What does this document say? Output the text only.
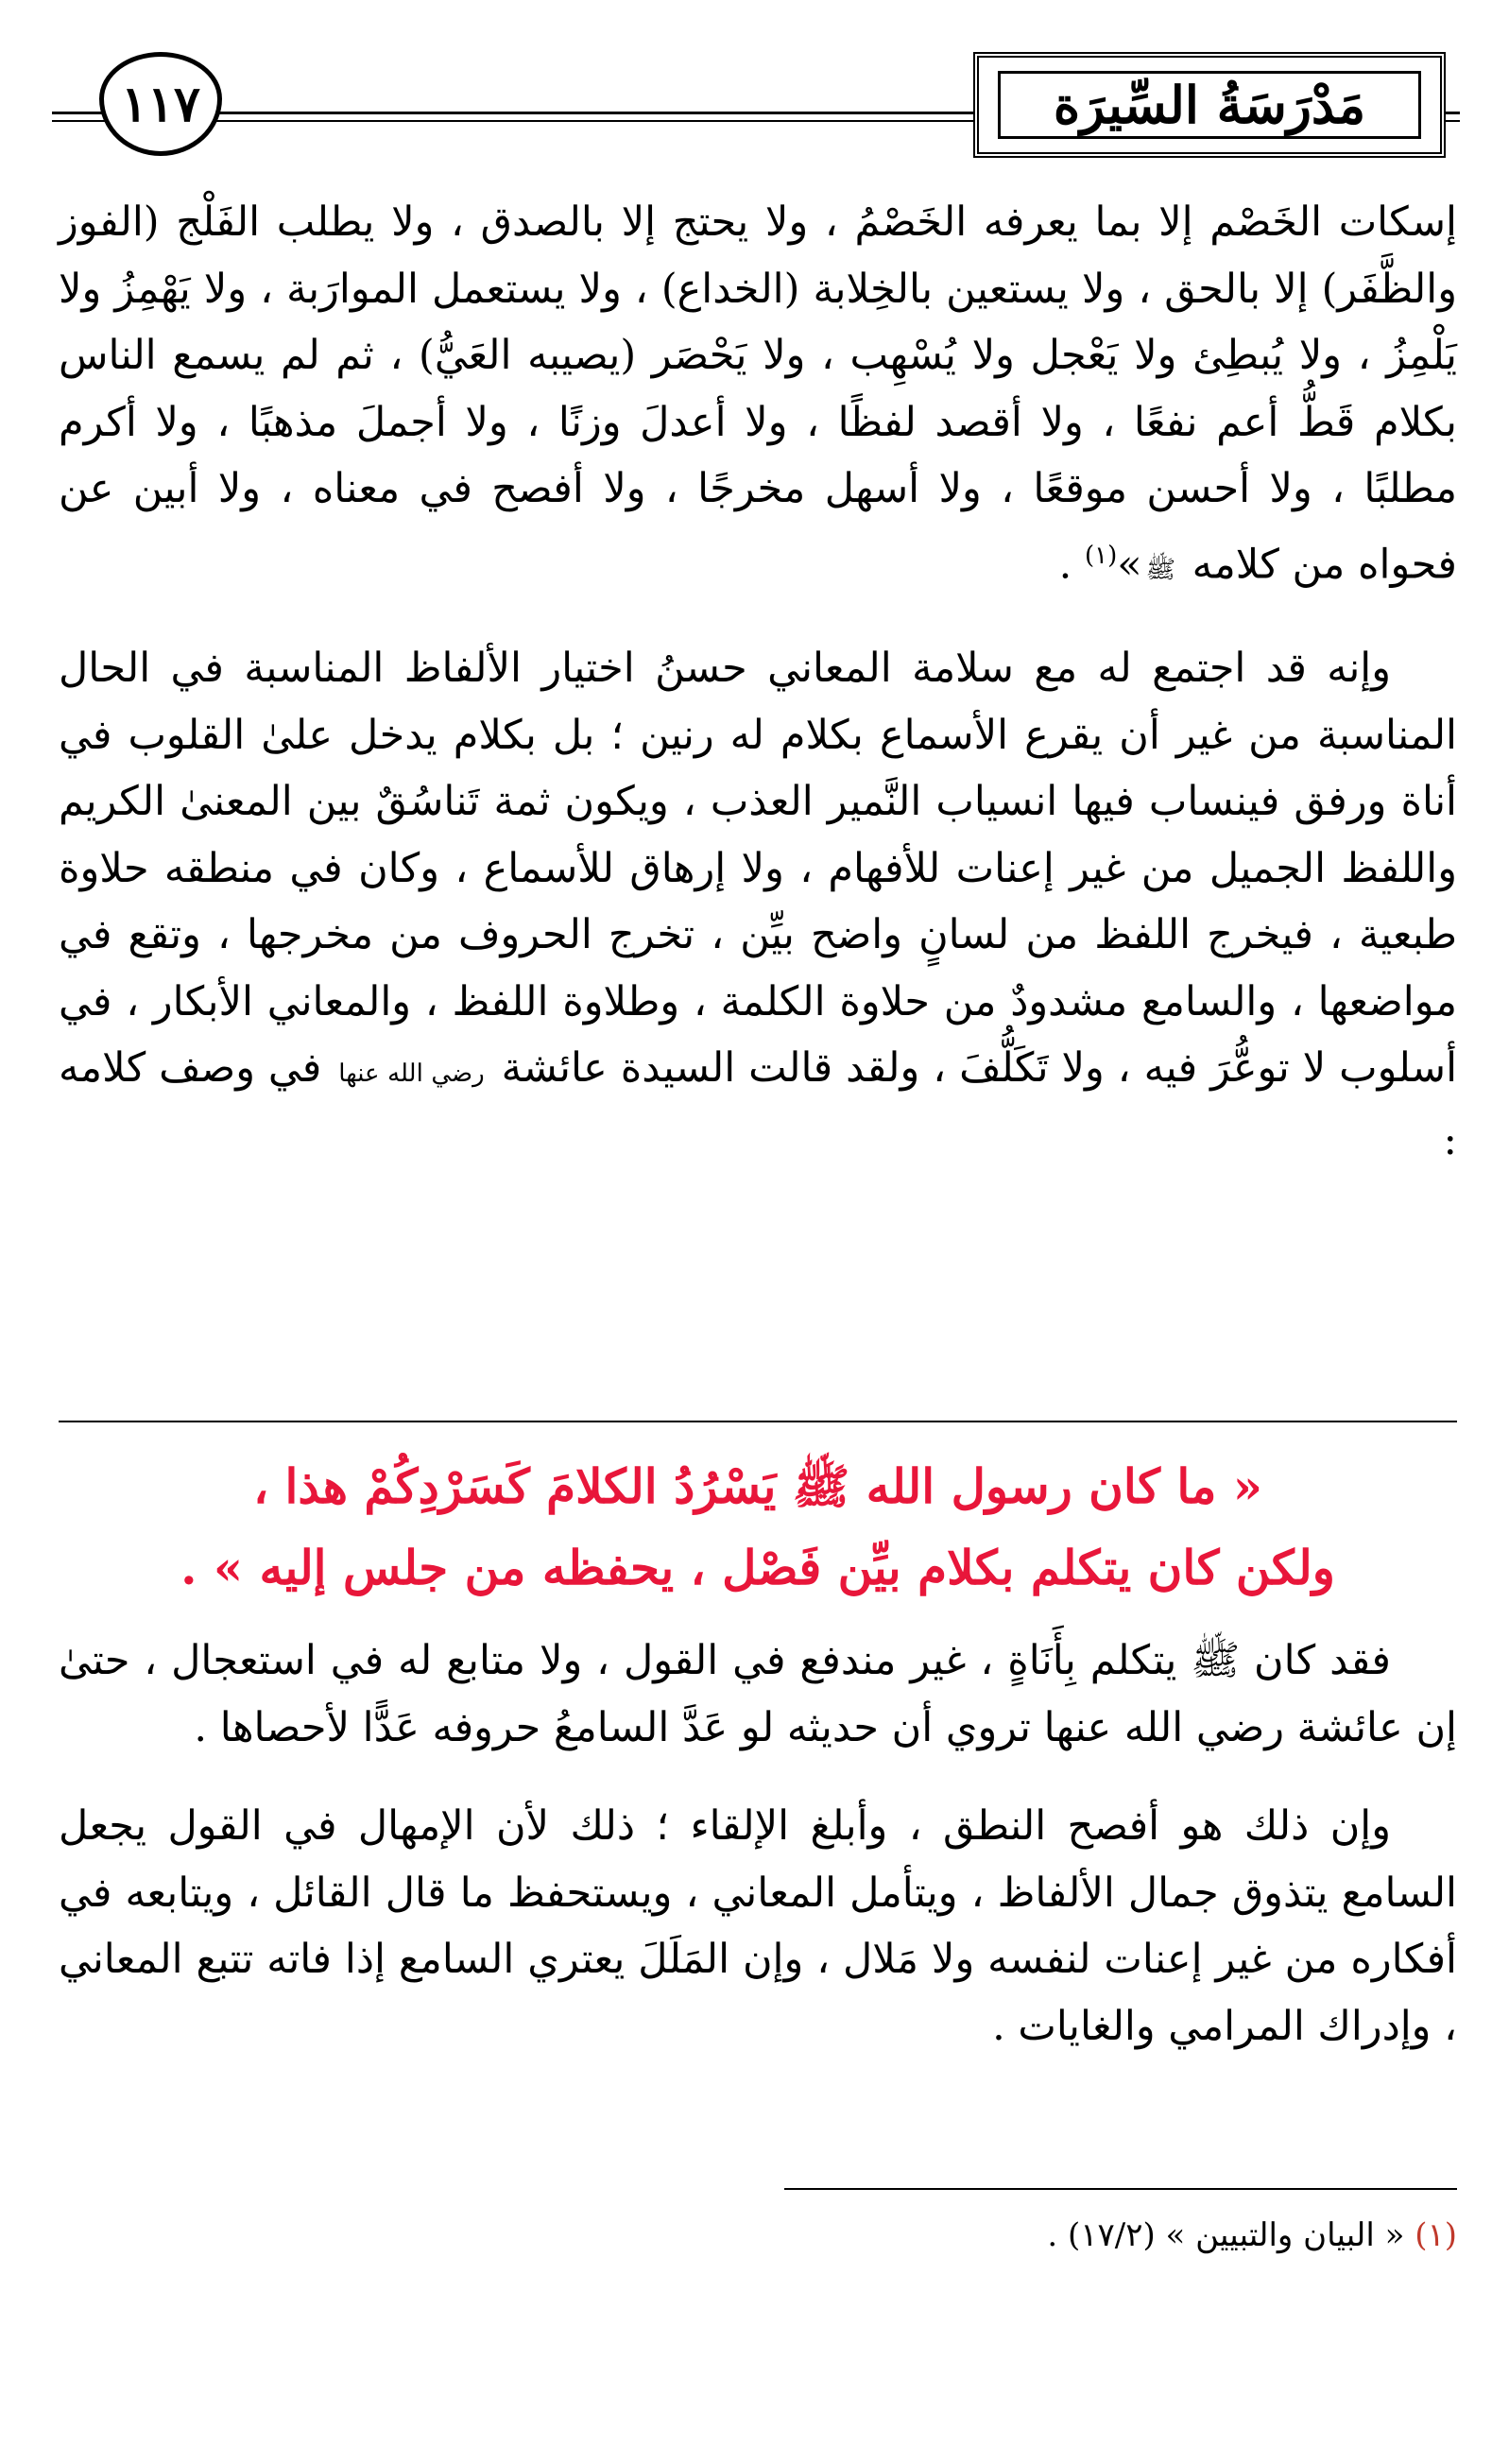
١١٧	مَدْرَسَةُ السِّيرَة

إسكات الخَصْم إلا بما يعرفه الخَصْمُ ، ولا يحتج إلا بالصدق ، ولا يطلب الفَلْج (الفوز والظَّفَر) إلا بالحق ، ولا يستعين بالخِلابة (الخداع) ، ولا يستعمل الموارَبة ، ولا يَهْمِزُ ولا يَلْمِزُ ، ولا يُبطِئ ولا يَعْجل ولا يُسْهِب ، ولا يَحْصَر (يصيبه العَيُّ) ، ثم لم يسمع الناس بكلام قَطُّ أعم نفعًا ، ولا أقصد لفظًا ، ولا أعدلَ وزنًا ، ولا أجملَ مذهبًا ، ولا أكرم مطلبًا ، ولا أحسن موقعًا ، ولا أسهل مخرجًا ، ولا أفصح في معناه ، ولا أبين عن فحواه من كلامه ﷺ»$^{(١)}$ .

وإنه قد اجتمع له مع سلامة المعاني حسنُ اختيار الألفاظ المناسبة في الحال المناسبة من غير أن يقرع الأسماع بكلام له رنين ؛ بل بكلام يدخل علىٰ القلوب في أناة ورفق فينساب فيها انسياب النَّمير العذب ، ويكون ثمة تَناسُقٌ بين المعنىٰ الكريم واللفظ الجميل من غير إعنات للأفهام ، ولا إرهاق للأسماع ، وكان في منطقه حلاوة طبعية ، فيخرج اللفظ من لسانٍ واضح بيِّن ، تخرج الحروف من مخرجها ، وتقع في مواضعها ، والسامع مشدودٌ من حلاوة الكلمة ، وطلاوة اللفظ ، والمعاني الأبكار ، في أسلوب لا توعُّرَ فيه ، ولا تَكَلُّفَ ، ولقد قالت السيدة عائشة رضي الله عنها في وصف كلامه :

« ما كان رسول الله ﷺ يَسْرُدُ الكلامَ كَسَرْدِكُمْ هذا ،

ولكن كان يتكلم بكلام بيِّن فَصْل ، يحفظه من جلس إليه » .

فقد كان ﷺ يتكلم بِأَنَاةٍ ، غير مندفع في القول ، ولا متابع له في استعجال ، حتىٰ إن عائشة رضي الله عنها تروي أن حديثه لو عَدَّ السامعُ حروفه عَدًّا لأحصاها .

وإن ذلك هو أفصح النطق ، وأبلغ الإلقاء ؛ ذلك لأن الإمهال في القول يجعل السامع يتذوق جمال الألفاظ ، ويتأمل المعاني ، ويستحفظ ما قال القائل ، ويتابعه في أفكاره من غير إعنات لنفسه ولا مَلال ، وإن المَلَلَ يعتري السامع إذا فاته تتبع المعاني ، وإدراك المرامي والغايات .

(١) « البيان والتبيين » (١٧/٢) .
